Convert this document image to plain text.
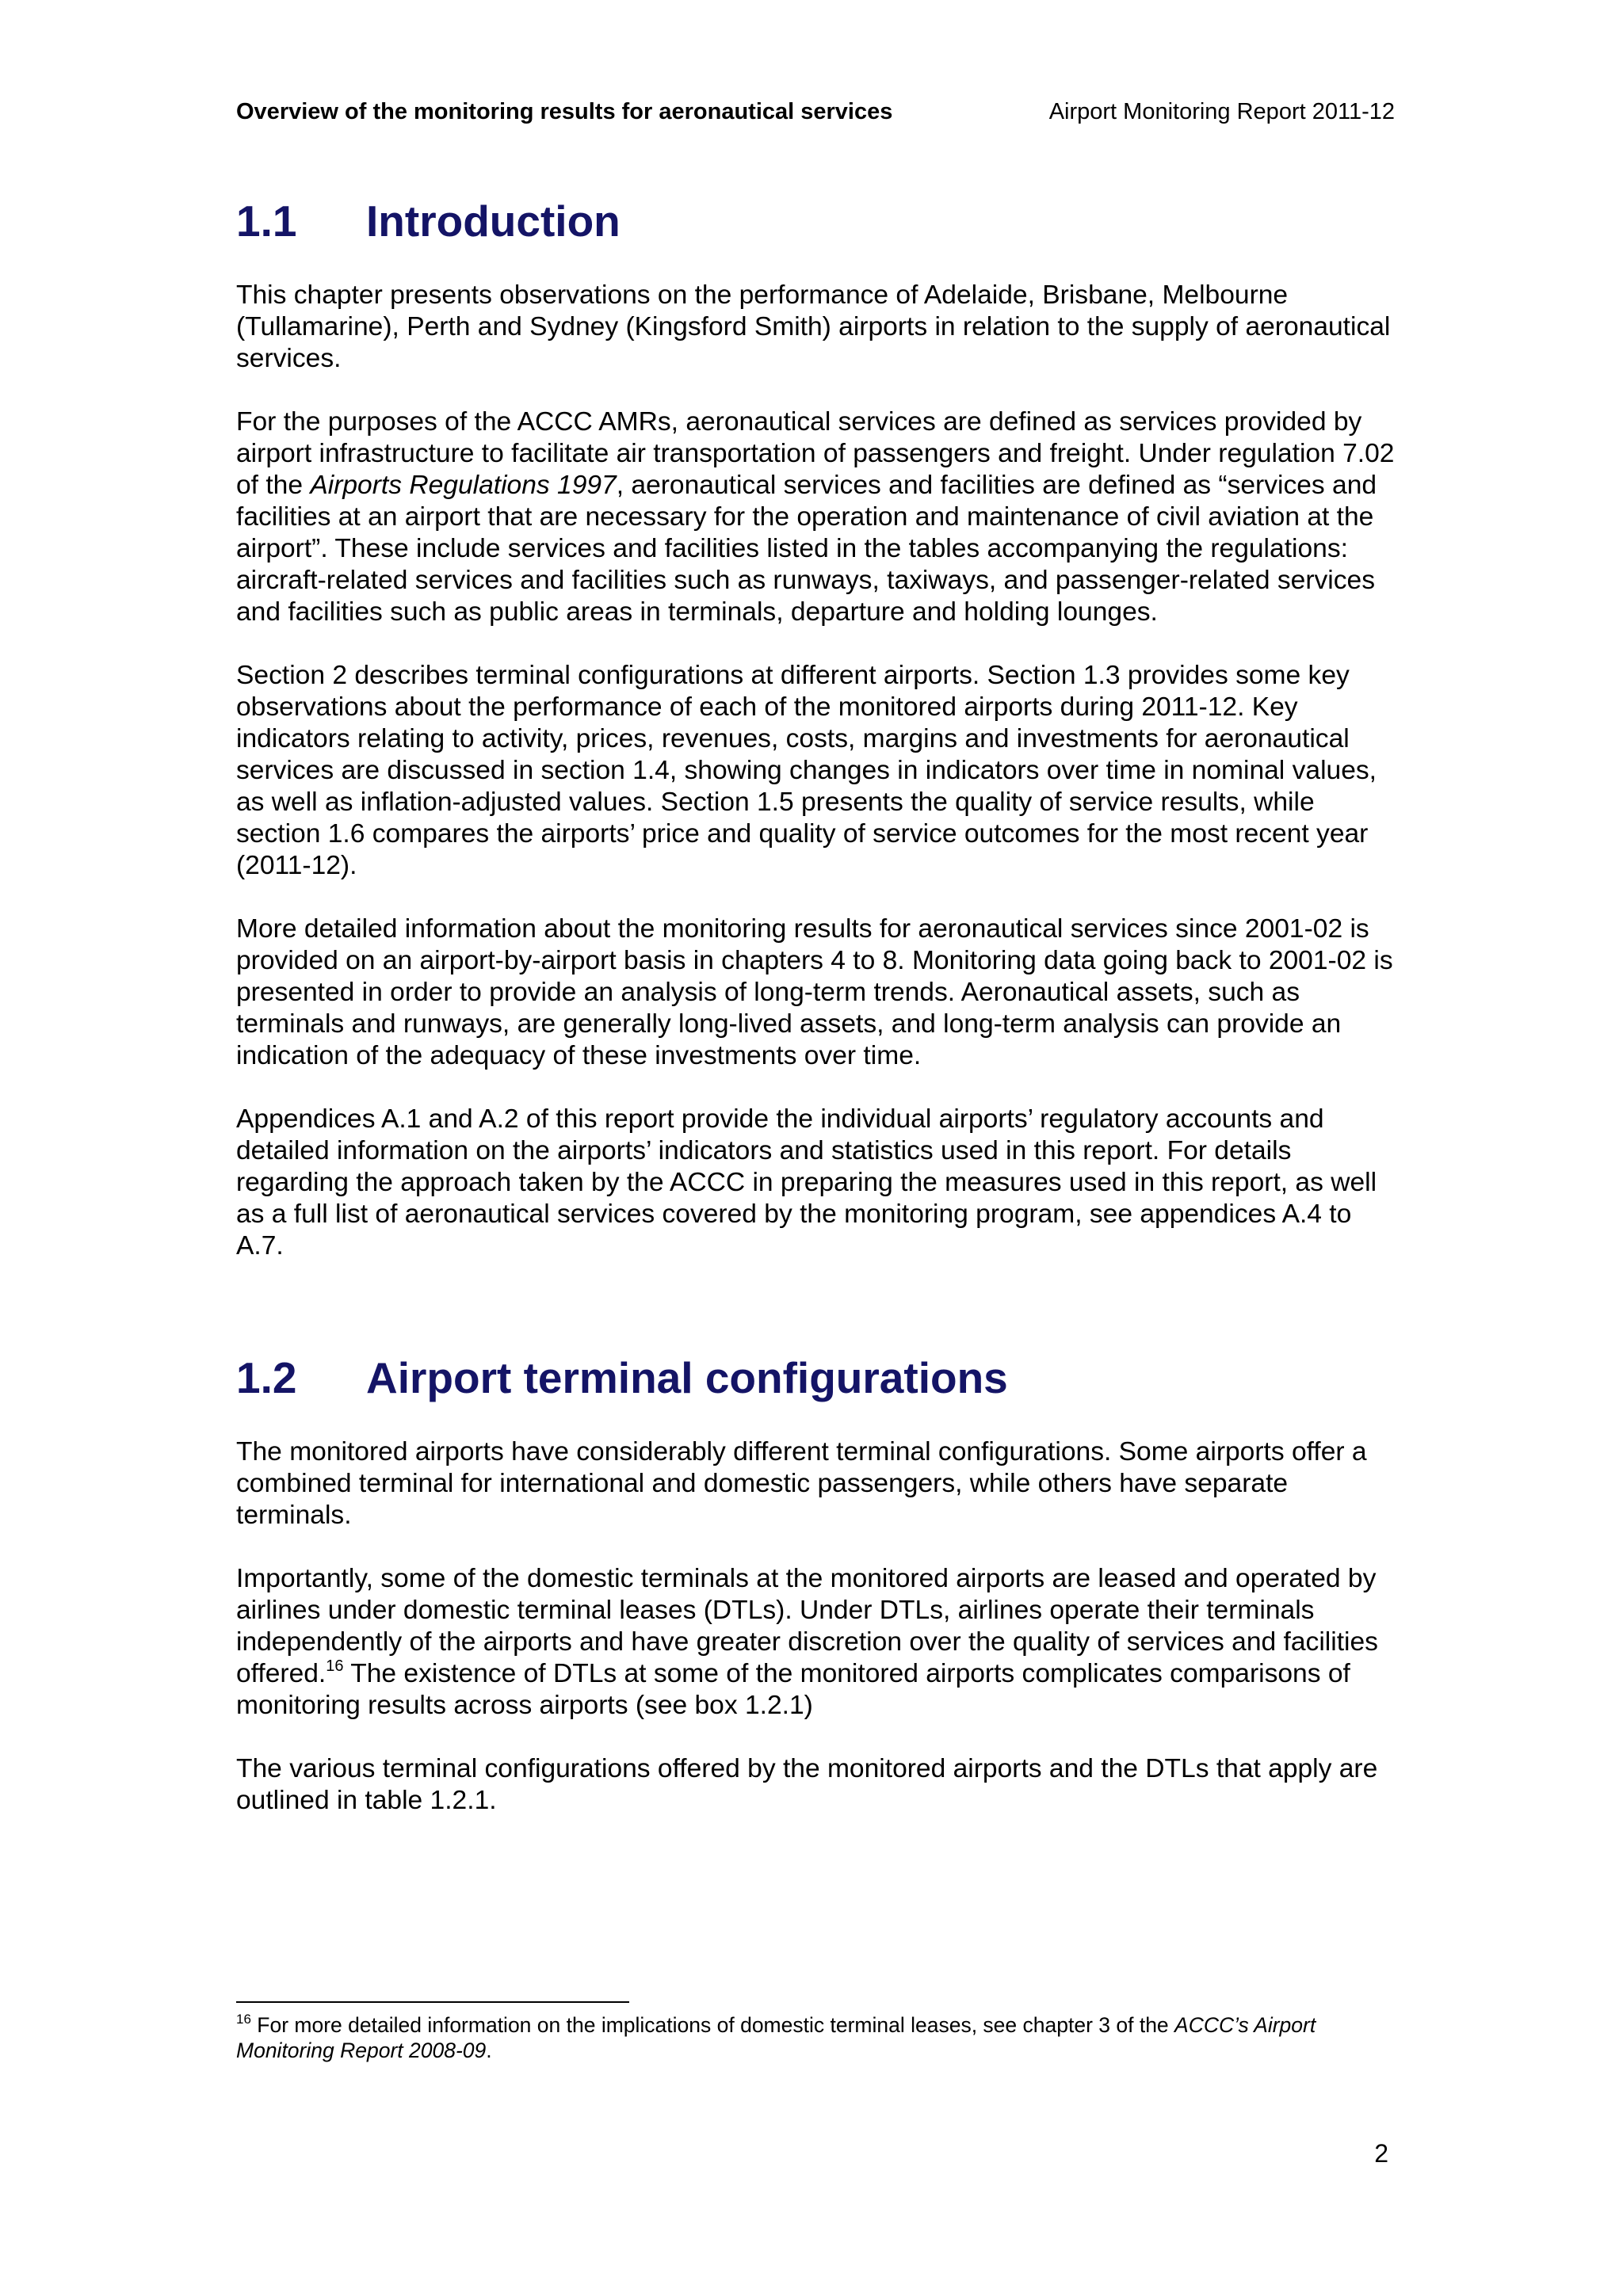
Overview of the monitoring results for aeronautical services	Airport Monitoring Report 2011-12
1.1 Introduction

This chapter presents observations on the performance of Adelaide, Brisbane, Melbourne (Tullamarine), Perth and Sydney (Kingsford Smith) airports in relation to the supply of aeronautical services.

For the purposes of the ACCC AMRs, aeronautical services are defined as services provided by airport infrastructure to facilitate air transportation of passengers and freight. Under regulation 7.02 of the Airports Regulations 1997, aeronautical services and facilities are defined as “services and facilities at an airport that are necessary for the operation and maintenance of civil aviation at the airport”. These include services and facilities listed in the tables accompanying the regulations: aircraft-related services and facilities such as runways, taxiways, and passenger-related services and facilities such as public areas in terminals, departure and holding lounges.

Section 2 describes terminal configurations at different airports. Section 1.3 provides some key observations about the performance of each of the monitored airports during 2011-12. Key indicators relating to activity, prices, revenues, costs, margins and investments for aeronautical services are discussed in section 1.4, showing changes in indicators over time in nominal values, as well as inflation-adjusted values. Section 1.5 presents the quality of service results, while section 1.6 compares the airports’ price and quality of service outcomes for the most recent year (2011-12).

More detailed information about the monitoring results for aeronautical services since 2001-02 is provided on an airport-by-airport basis in chapters 4 to 8. Monitoring data going back to 2001-02 is presented in order to provide an analysis of long-term trends. Aeronautical assets, such as terminals and runways, are generally long-lived assets, and long-term analysis can provide an indication of the adequacy of these investments over time.

Appendices A.1 and A.2 of this report provide the individual airports’ regulatory accounts and detailed information on the airports’ indicators and statistics used in this report. For details regarding the approach taken by the ACCC in preparing the measures used in this report, as well as a full list of aeronautical services covered by the monitoring program, see appendices A.4 to A.7.

1.2 Airport terminal configurations

The monitored airports have considerably different terminal configurations. Some airports offer a combined terminal for international and domestic passengers, while others have separate terminals.

Importantly, some of the domestic terminals at the monitored airports are leased and operated by airlines under domestic terminal leases (DTLs). Under DTLs, airlines operate their terminals independently of the airports and have greater discretion over the quality of services and facilities offered.$^{16}$ The existence of DTLs at some of the monitored airports complicates comparisons of monitoring results across airports (see box 1.2.1)

The various terminal configurations offered by the monitored airports and the DTLs that apply are outlined in table 1.2.1.

$^{16}$ For more detailed information on the implications of domestic terminal leases, see chapter 3 of the ACCC’s Airport Monitoring Report 2008-09.
2
